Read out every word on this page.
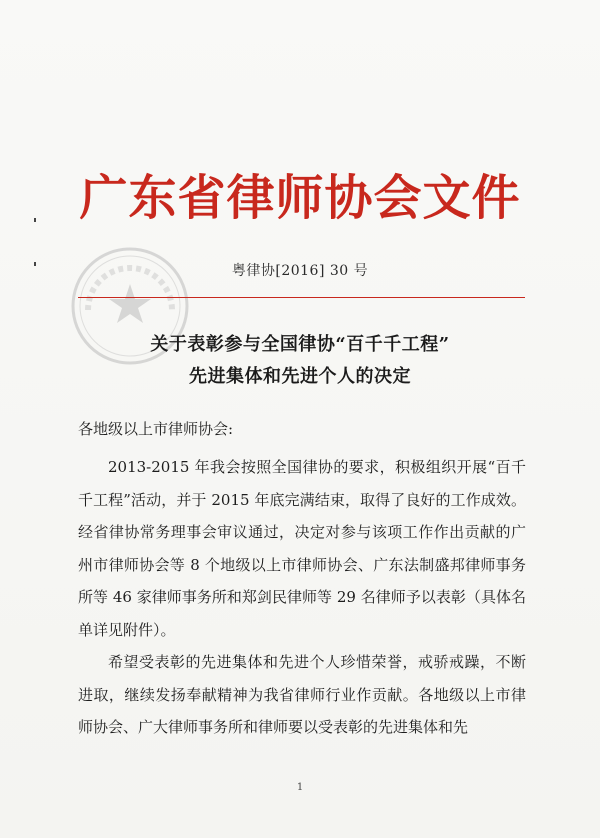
广东省律师协会文件
粤律协[2016] 30 号
关于表彰参与全国律协“百千千工程”
先进集体和先进个人的决定
各地级以上市律师协会:
2013-2015 年我会按照全国律协的要求，积极组织开展“百千千工程”活动，并于 2015 年底完满结束，取得了良好的工作成效。经省律协常务理事会审议通过，决定对参与该项工作作出贡献的广州市律师协会等 8 个地级以上市律师协会、广东法制盛邦律师事务所等 46 家律师事务所和郑剑民律师等 29 名律师予以表彰（具体名单详见附件）。
希望受表彰的先进集体和先进个人珍惜荣誉，戒骄戒躁，不断进取，继续发扬奉献精神为我省律师行业作贡献。各地级以上市律师协会、广大律师事务所和律师要以受表彰的先进集体和先
1
